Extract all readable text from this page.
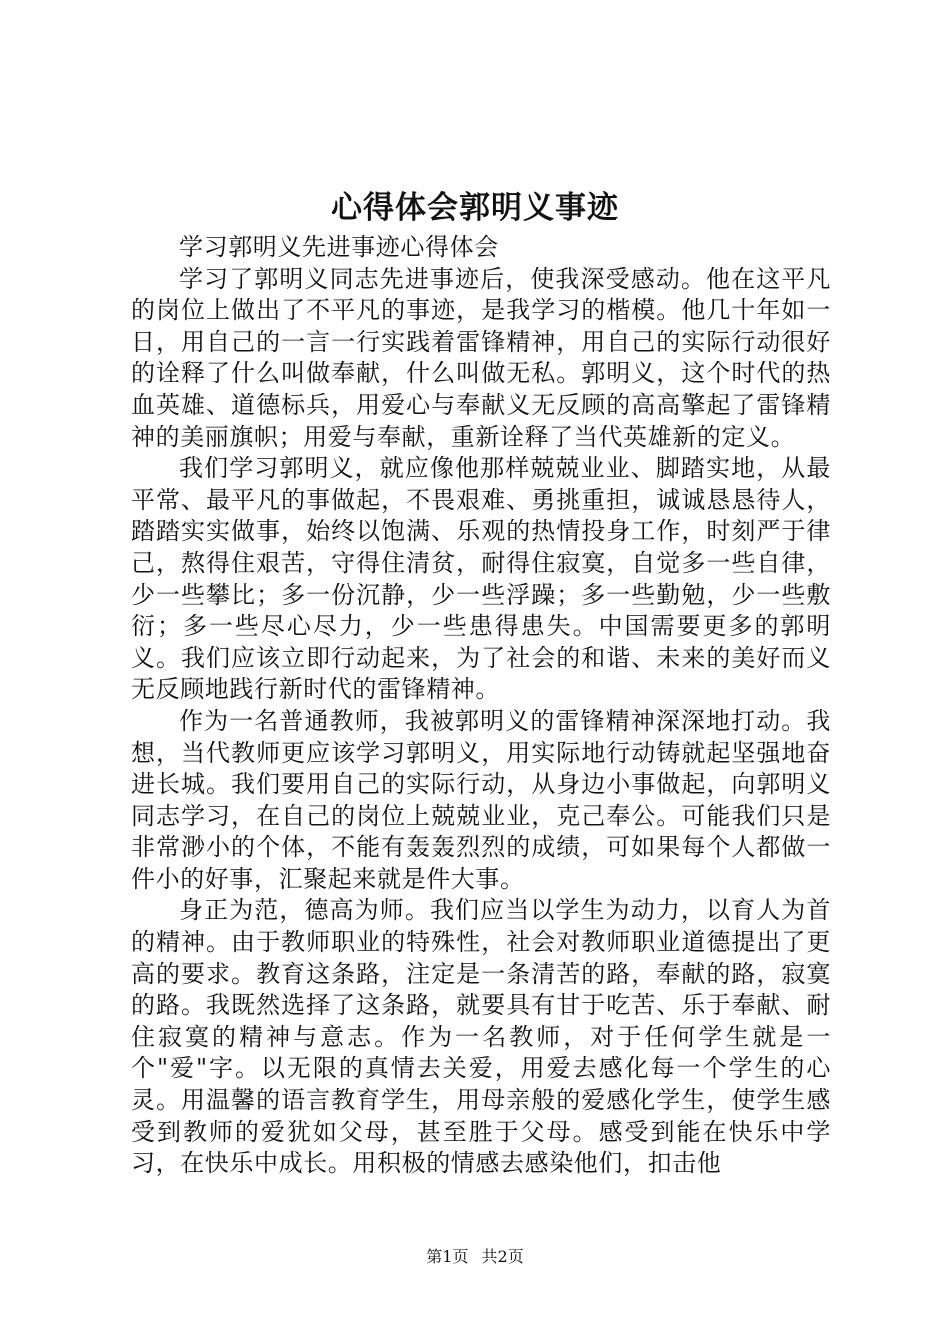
心得体会郭明义事迹

学习郭明义先进事迹心得体会

学习了郭明义同志先进事迹后，使我深受感动。他在这平凡的岗位上做出了不平凡的事迹，是我学习的楷模。他几十年如一日，用自己的一言一行实践着雷锋精神，用自己的实际行动很好的诠释了什么叫做奉献，什么叫做无私。郭明义，这个时代的热血英雄、道德标兵，用爱心与奉献义无反顾的高高擎起了雷锋精神的美丽旗帜；用爱与奉献，重新诠释了当代英雄新的定义。

我们学习郭明义，就应像他那样兢兢业业、脚踏实地，从最平常、最平凡的事做起，不畏艰难、勇挑重担，诚诚恳恳待人，踏踏实实做事，始终以饱满、乐观的热情投身工作，时刻严于律己，熬得住艰苦，守得住清贫，耐得住寂寞，自觉多一些自律，少一些攀比；多一份沉静，少一些浮躁；多一些勤勉，少一些敷衍；多一些尽心尽力，少一些患得患失。中国需要更多的郭明义。我们应该立即行动起来，为了社会的和谐、未来的美好而义无反顾地践行新时代的雷锋精神。

作为一名普通教师，我被郭明义的雷锋精神深深地打动。我想，当代教师更应该学习郭明义，用实际地行动铸就起坚强地奋进长城。我们要用自己的实际行动，从身边小事做起，向郭明义同志学习，在自己的岗位上兢兢业业，克己奉公。可能我们只是非常渺小的个体，不能有轰轰烈烈的成绩，可如果每个人都做一件小的好事，汇聚起来就是件大事。

身正为范，德高为师。我们应当以学生为动力，以育人为首的精神。由于教师职业的特殊性，社会对教师职业道德提出了更高的要求。教育这条路，注定是一条清苦的路，奉献的路，寂寞的路。我既然选择了这条路，就要具有甘于吃苦、乐于奉献、耐住寂寞的精神与意志。作为一名教师，对于任何学生就是一个"爱"字。以无限的真情去关爱，用爱去感化每一个学生的心灵。用温馨的语言教育学生，用母亲般的爱感化学生，使学生感受到教师的爱犹如父母，甚至胜于父母。感受到能在快乐中学习，在快乐中成长。用积极的情感去感染他们，扣击他

第1页 共2页
